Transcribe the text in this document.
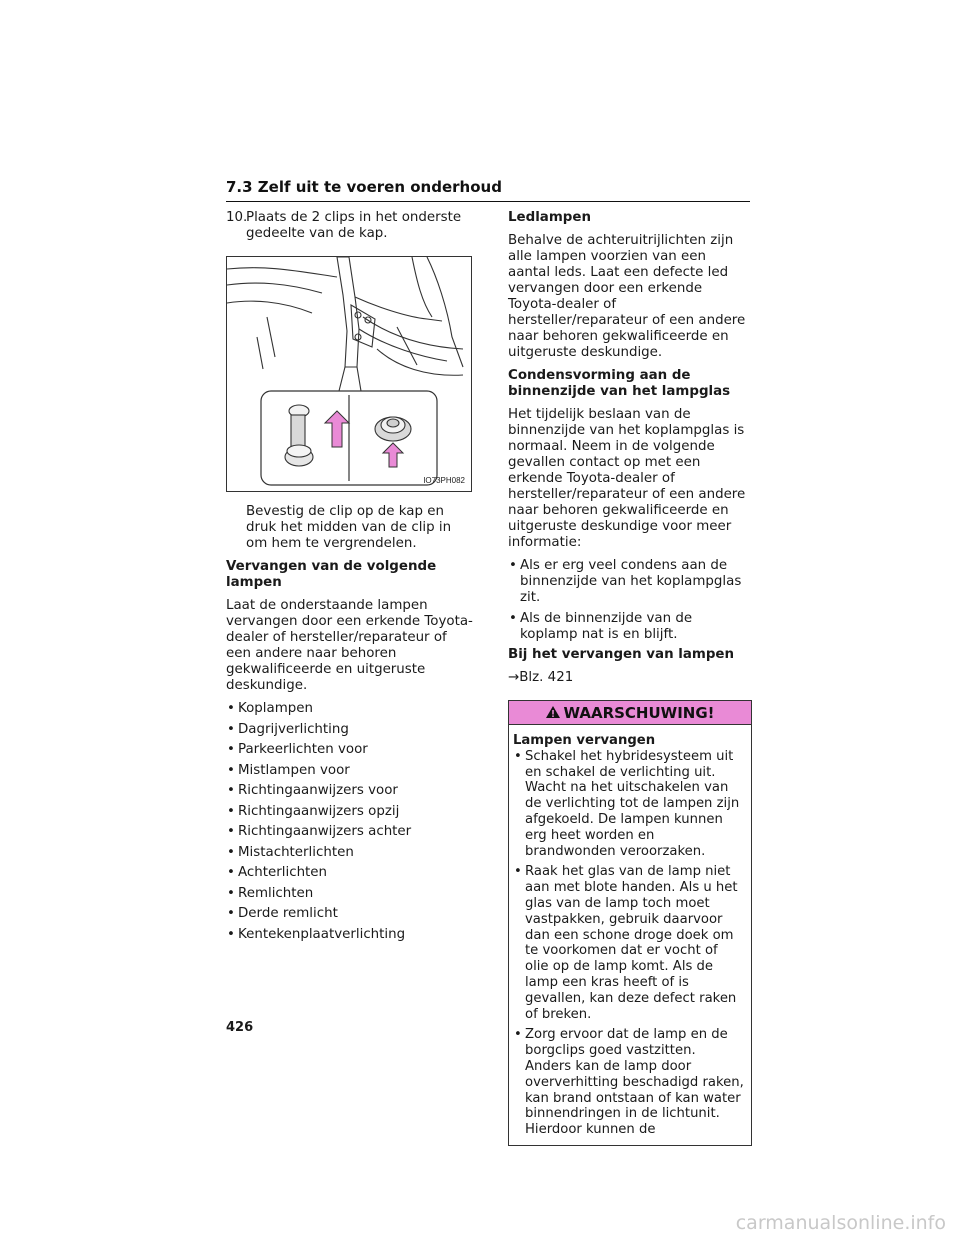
7.3 Zelf uit te voeren onderhoud

10.
Plaats de 2 clips in het onderste gedeelte van de kap.

IO73PH082

Bevestig de clip op de kap en druk het midden van de clip in om hem te vergrendelen.

Vervangen van de volgende lampen

Laat de onderstaande lampen vervangen door een erkende Toyota-dealer of hersteller/reparateur of een andere naar behoren gekwalificeerde en uitgeruste deskundige.

• Koplampen
• Dagrijverlichting
• Parkeerlichten voor
• Mistlampen voor
• Richtingaanwijzers voor
• Richtingaanwijzers opzij
• Richtingaanwijzers achter
• Mistachterlichten
• Achterlichten
• Remlichten
• Derde remlicht
• Kentekenplaatverlichting

Ledlampen

Behalve de achteruitrijlichten zijn alle lampen voorzien van een aantal leds. Laat een defecte led vervangen door een erkende Toyota-dealer of hersteller/reparateur of een andere naar behoren gekwalificeerde en uitgeruste deskundige.

Condensvorming aan de binnenzijde van het lampglas

Het tijdelijk beslaan van de binnenzijde van het koplampglas is normaal. Neem in de volgende gevallen contact op met een erkende Toyota-dealer of hersteller/reparateur of een andere naar behoren gekwalificeerde en uitgeruste deskundige voor meer informatie:

• Als er erg veel condens aan de binnenzijde van het koplampglas zit.
• Als de binnenzijde van de koplamp nat is en blijft.

Bij het vervangen van lampen

→Blz. 421

WAARSCHUWING!

Lampen vervangen

• Schakel het hybridesysteem uit en schakel de verlichting uit. Wacht na het uitschakelen van de verlichting tot de lampen zijn afgekoeld. De lampen kunnen erg heet worden en brandwonden veroorzaken.
• Raak het glas van de lamp niet aan met blote handen. Als u het glas van de lamp toch moet vastpakken, gebruik daarvoor dan een schone droge doek om te voorkomen dat er vocht of olie op de lamp komt. Als de lamp een kras heeft of is gevallen, kan deze defect raken of breken.
• Zorg ervoor dat de lamp en de borgclips goed vastzitten. Anders kan de lamp door oververhitting beschadigd raken, kan brand ontstaan of kan water binnendringen in de lichtunit. Hierdoor kunnen de
426
carmanualsonline.info
